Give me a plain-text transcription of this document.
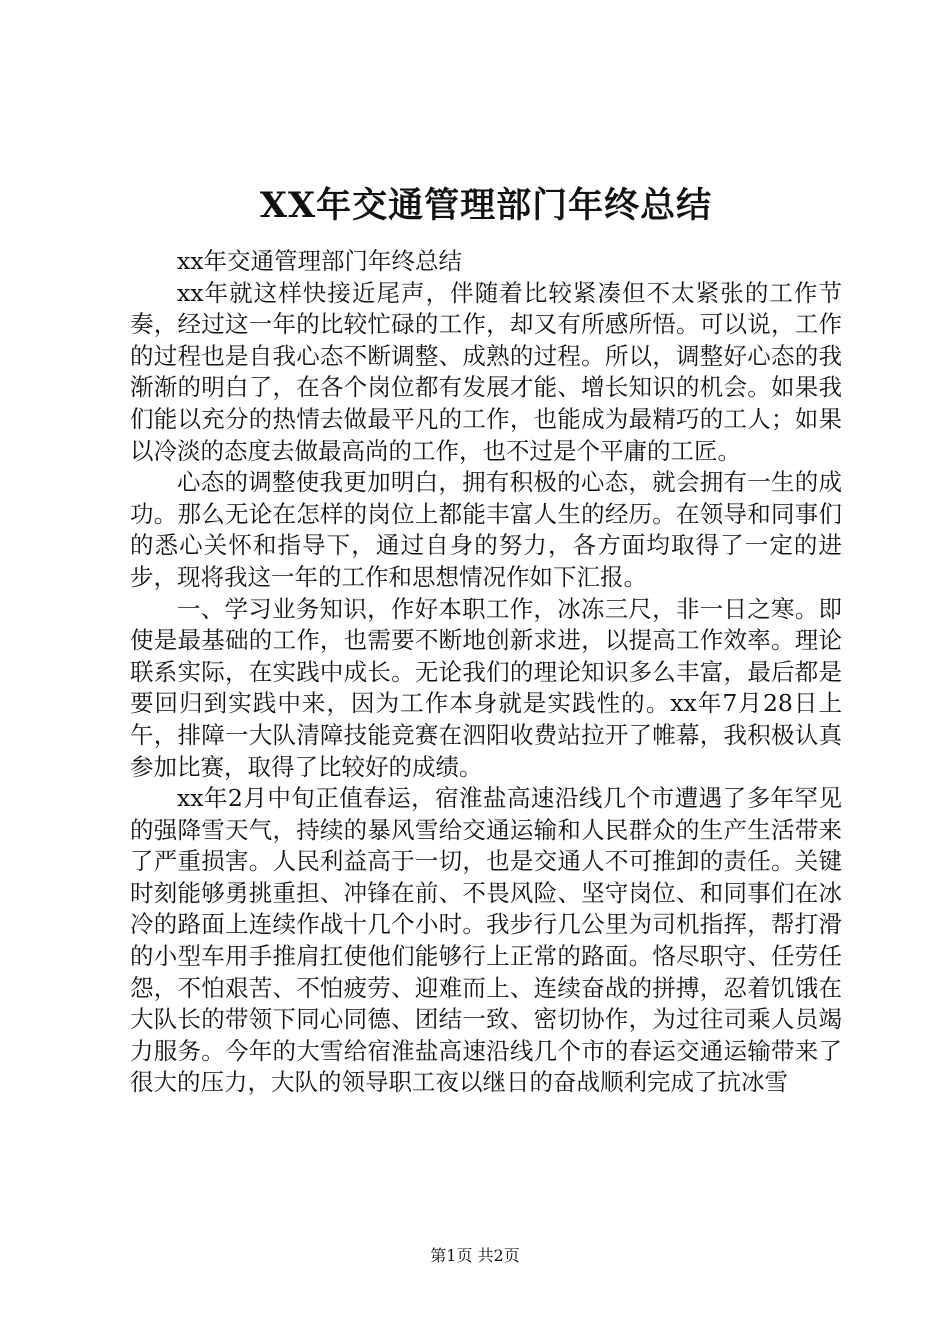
XX年交通管理部门年终总结

xx年交通管理部门年终总结

xx年就这样快接近尾声，伴随着比较紧凑但不太紧张的工作节奏，经过这一年的比较忙碌的工作，却又有所感所悟。可以说，工作的过程也是自我心态不断调整、成熟的过程。所以，调整好心态的我渐渐的明白了，在各个岗位都有发展才能、增长知识的机会。如果我们能以充分的热情去做最平凡的工作，也能成为最精巧的工人；如果以冷淡的态度去做最高尚的工作，也不过是个平庸的工匠。

心态的调整使我更加明白，拥有积极的心态，就会拥有一生的成功。那么无论在怎样的岗位上都能丰富人生的经历。在领导和同事们的悉心关怀和指导下，通过自身的努力，各方面均取得了一定的进步，现将我这一年的工作和思想情况作如下汇报。

一、学习业务知识，作好本职工作，冰冻三尺，非一日之寒。即使是最基础的工作，也需要不断地创新求进，以提高工作效率。理论联系实际，在实践中成长。无论我们的理论知识多么丰富，最后都是要回归到实践中来，因为工作本身就是实践性的。xx年7月28日上午，排障一大队清障技能竞赛在泗阳收费站拉开了帷幕，我积极认真参加比赛，取得了比较好的成绩。

xx年2月中旬正值春运，宿淮盐高速沿线几个市遭遇了多年罕见的强降雪天气，持续的暴风雪给交通运输和人民群众的生产生活带来了严重损害。人民利益高于一切，也是交通人不可推卸的责任。关键时刻能够勇挑重担、冲锋在前、不畏风险、坚守岗位、和同事们在冰冷的路面上连续作战十几个小时。我步行几公里为司机指挥，帮打滑的小型车用手推肩扛使他们能够行上正常的路面。恪尽职守、任劳任怨，不怕艰苦、不怕疲劳、迎难而上、连续奋战的拼搏，忍着饥饿在大队长的带领下同心同德、团结一致、密切协作，为过往司乘人员竭力服务。今年的大雪给宿淮盐高速沿线几个市的春运交通运输带来了很大的压力，大队的领导职工夜以继日的奋战顺利完成了抗冰雪

第1页 共2页
